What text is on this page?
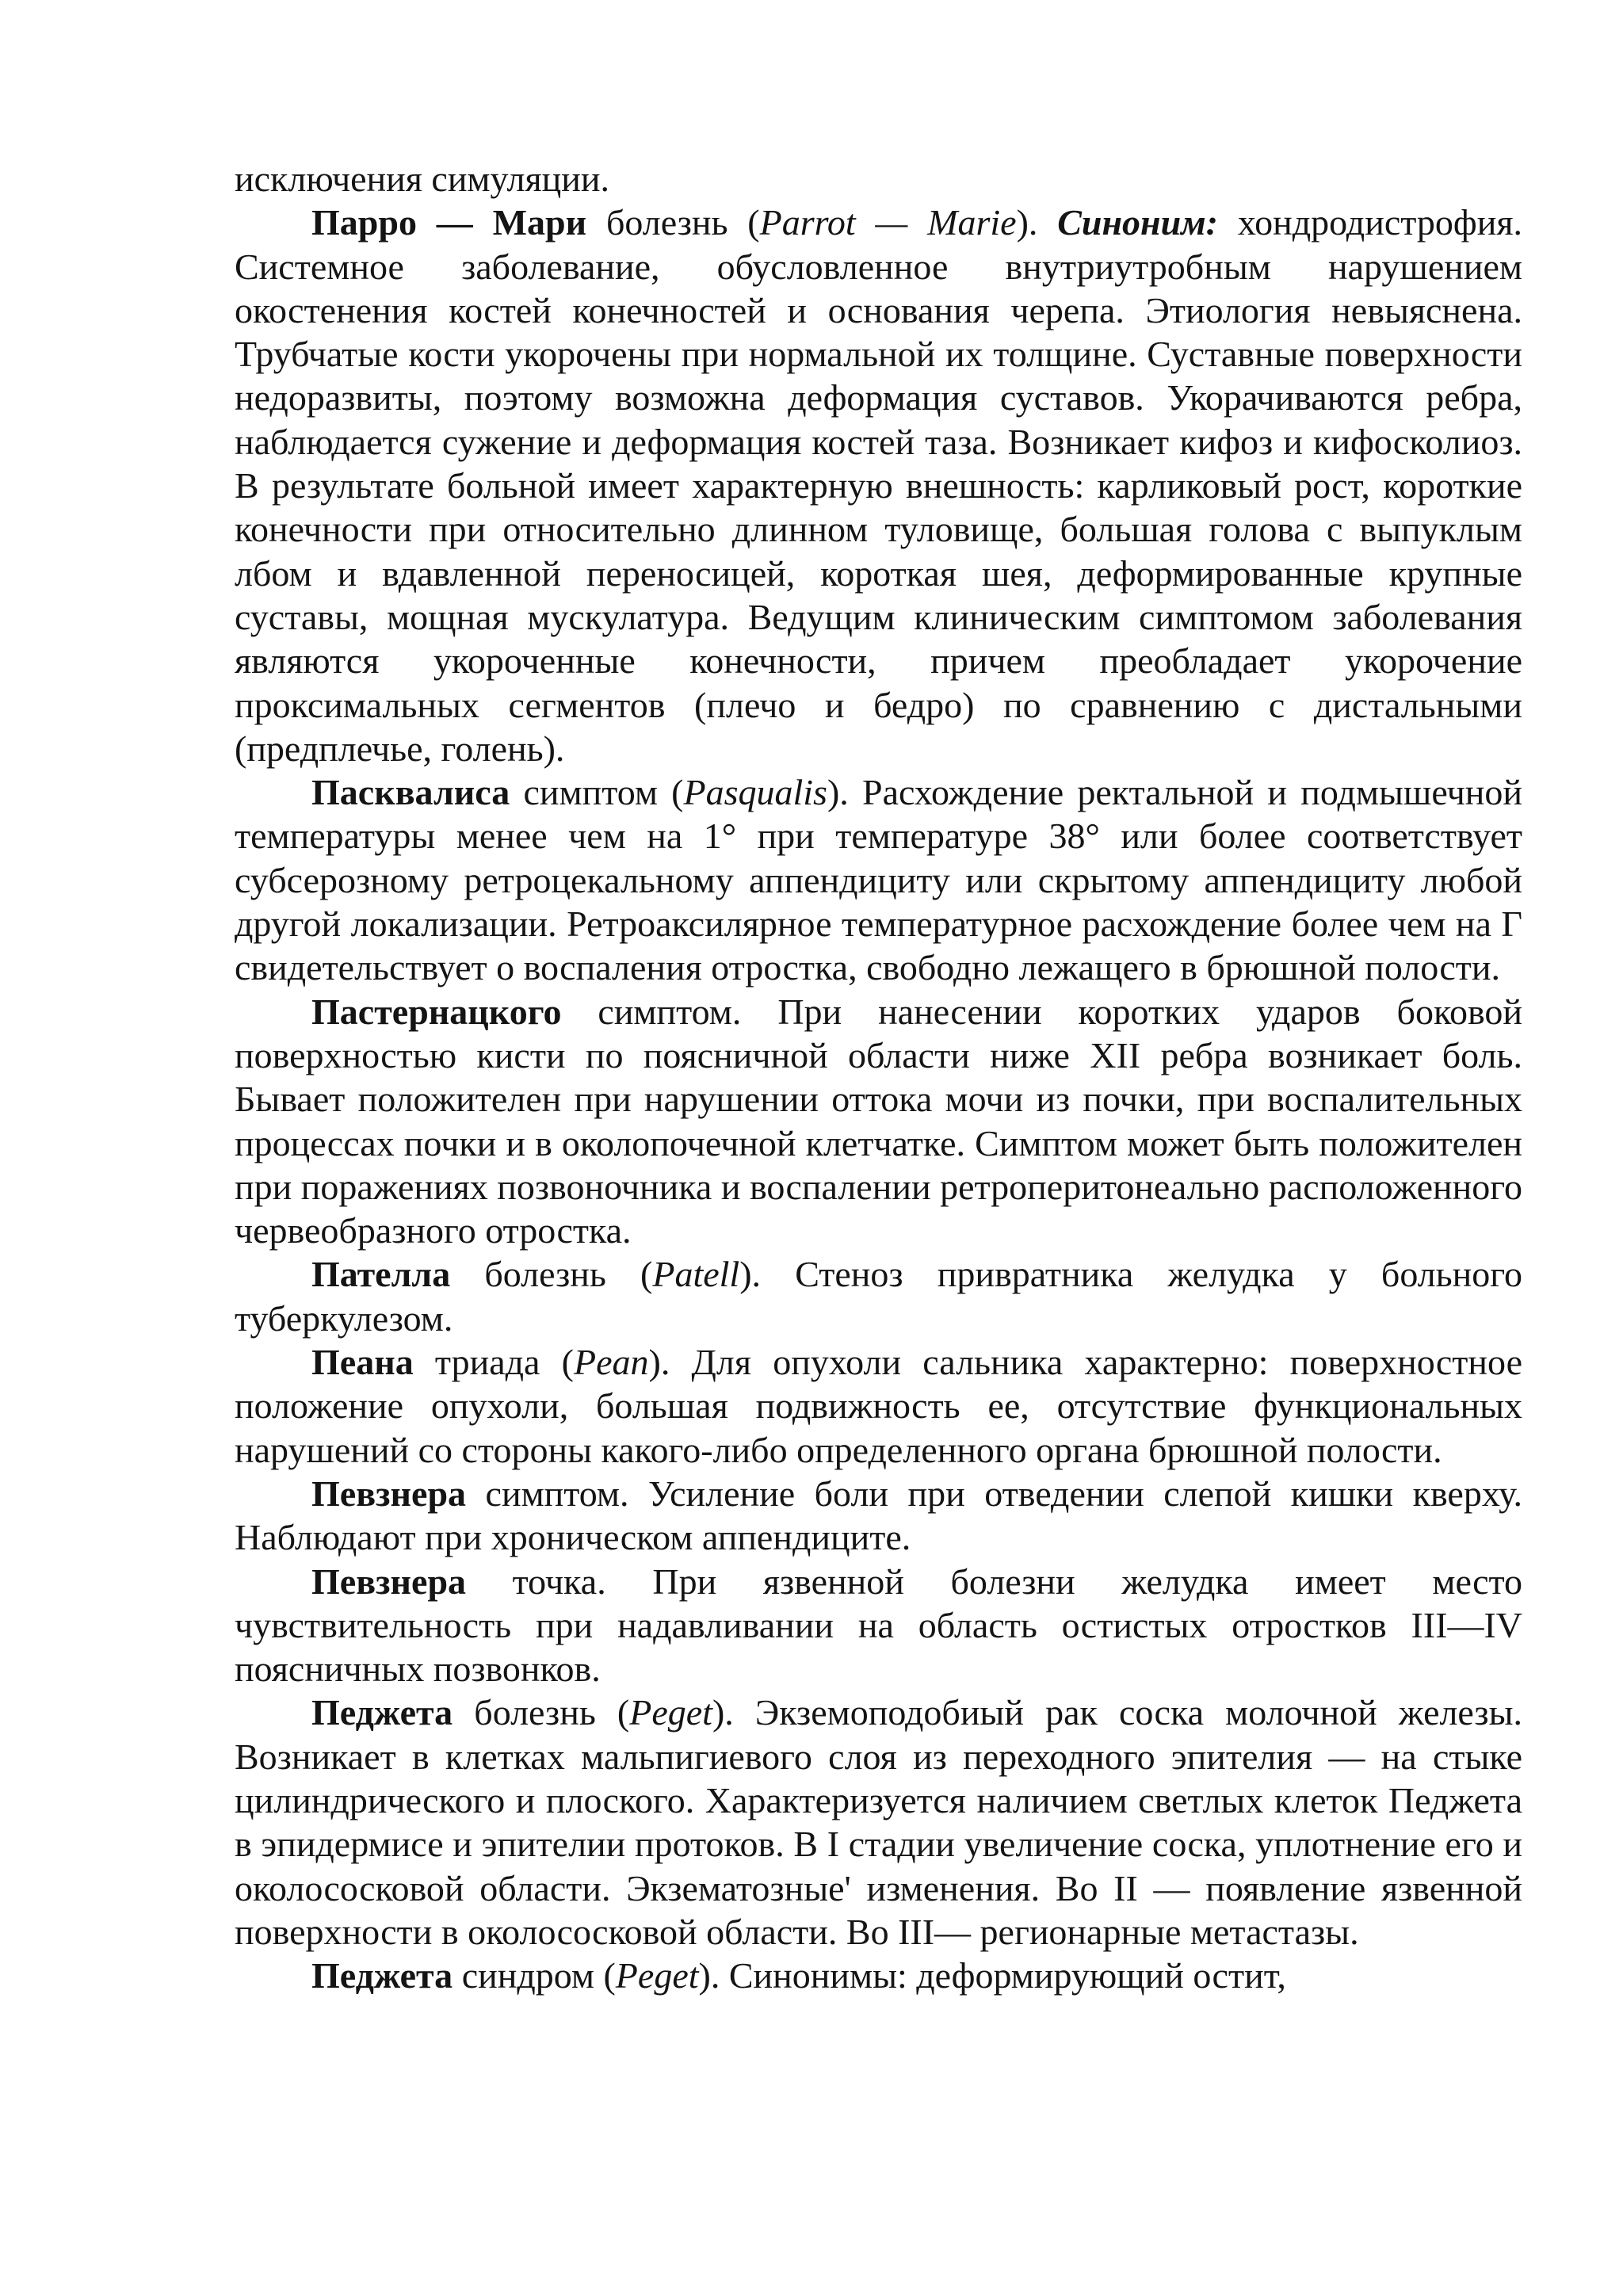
исключения симуляции.

Парро — Мари болезнь (Parrot — Marie). Синоним: хондродистрофия. Системное заболевание, обусловленное внутриутробным нарушением окостенения костей конечностей и основания черепа. Этиология невыяснена. Трубчатые кости укорочены при нормальной их толщине. Суставные поверхности недоразвиты, поэтому возможна деформация суставов. Укорачиваются ребра, наблюдается сужение и деформация костей таза. Возникает кифоз и кифосколиоз. В результате больной имеет характерную внешность: карликовый рост, короткие конечности при относительно длинном туловище, большая голова с выпуклым лбом и вдавленной переносицей, короткая шея, деформированные крупные суставы, мощная мускулатура. Ведущим клиническим симптомом заболевания являются укороченные конечности, причем преобладает укорочение проксимальных сегментов (плечо и бедро) по сравнению с дистальными (предплечье, голень).

Пасквалиса симптом (Pasqualis). Расхождение ректальной и подмышечной температуры менее чем на 1° при температуре 38° или более соответствует субсерозному ретроцекальному аппендициту или скрытому аппендициту любой другой локализации. Ретроаксилярное температурное расхождение более чем на Г свидетельствует о воспаления отростка, свободно лежащего в брюшной полости.

Пастернацкого симптом. При нанесении коротких ударов боковой поверхностью кисти по поясничной области ниже XII ребра возникает боль. Бывает положителен при нарушении оттока мочи из почки, при воспалительных процессах почки и в околопочечной клетчатке. Симптом может быть положителен при поражениях позвоночника и воспалении ретроперитонеально расположенного червеобразного отростка.

Пателла болезнь (Patell). Стеноз привратника желудка у больного туберкулезом.

Пеана триада (Pean). Для опухоли сальника характерно: поверхностное положение опухоли, большая подвижность ее, отсутствие функциональных нарушений со стороны какого-либо определенного органа брюшной полости.

Певзнера симптом. Усиление боли при отведении слепой кишки кверху. Наблюдают при хроническом аппендиците.

Певзнера точка. При язвенной болезни желудка имеет место чувствительность при надавливании на область остистых отростков III—IV поясничных позвонков.

Педжета болезнь (Peget). Экземоподобиый рак соска молочной железы. Возникает в клетках мальпигиевого слоя из переходного эпителия — на стыке цилиндрического и плоского. Характеризуется наличием светлых клеток Педжета в эпидермисе и эпителии протоков. В I стадии увеличение соска, уплотнение его и околососковой области. Экзематозные' изменения. Во II — появление язвенной поверхности в околососковой области. Во III— регионарные метастазы.

Педжета синдром (Peget). Синонимы: деформирующий остит,
